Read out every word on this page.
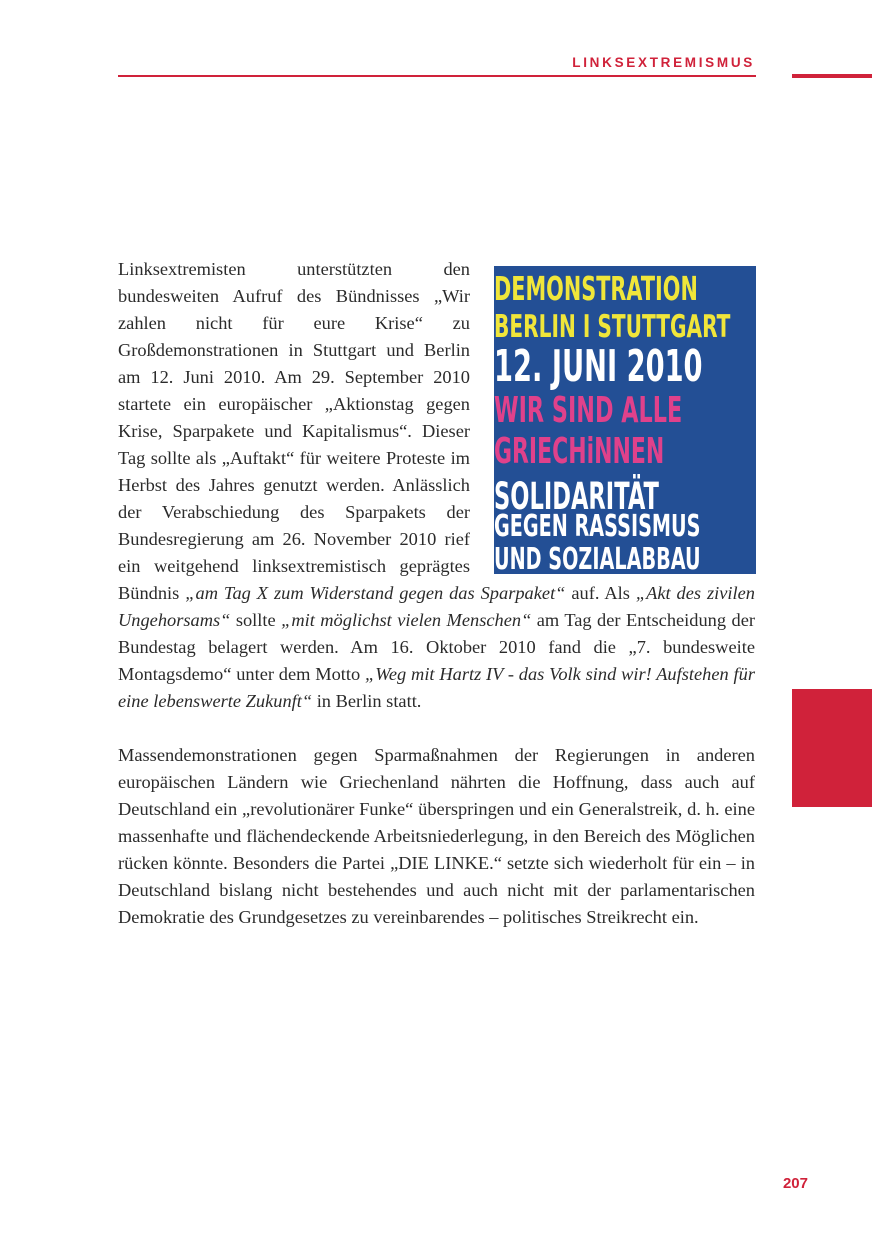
LINKSEXTREMISMUS
DEMONSTRATION
BERLIN I STUTTGART
12. JUNI 2010
WIR SIND ALLE
GRIECHiNNEN
SOLIDARITÄT
GEGEN RASSISMUS
UND SOZIALABBAU

Linksextremisten unterstützten den bundesweiten Aufruf des Bündnisses „Wir zahlen nicht für eure Krise“ zu Großdemonstrationen in Stuttgart und Berlin am 12. Juni 2010. Am 29. September 2010 startete ein europäischer „Aktionstag gegen Krise, Sparpakete und Kapitalismus“. Dieser Tag sollte als „Auftakt“ für weitere Proteste im Herbst des Jahres genutzt werden. Anlässlich der Verabschiedung des Sparpakets der Bundesregierung am 26. November 2010 rief ein weitgehend linksextremistisch geprägtes Bündnis „am Tag X zum Widerstand gegen das Sparpaket“ auf. Als „Akt des zivilen Ungehorsams“ sollte „mit möglichst vielen Menschen“ am Tag der Entscheidung der Bundestag belagert werden. Am 16. Oktober 2010 fand die „7. bundesweite Montagsdemo“ unter dem Motto „Weg mit Hartz IV - das Volk sind wir! Aufstehen für eine lebenswerte Zukunft“ in Berlin statt.

Massendemonstrationen gegen Sparmaßnahmen der Regierungen in anderen europäischen Ländern wie Griechenland nährten die Hoffnung, dass auch auf Deutschland ein „revolutionärer Funke“ überspringen und ein Generalstreik, d. h. eine massenhafte und flächendeckende Arbeitsniederlegung, in den Bereich des Möglichen rücken könnte. Besonders die Partei „DIE LINKE.“ setzte sich wiederholt für ein – in Deutschland bislang nicht bestehendes und auch nicht mit der parlamentarischen Demokratie des Grundgesetzes zu vereinbarendes – politisches Streikrecht ein.

207
